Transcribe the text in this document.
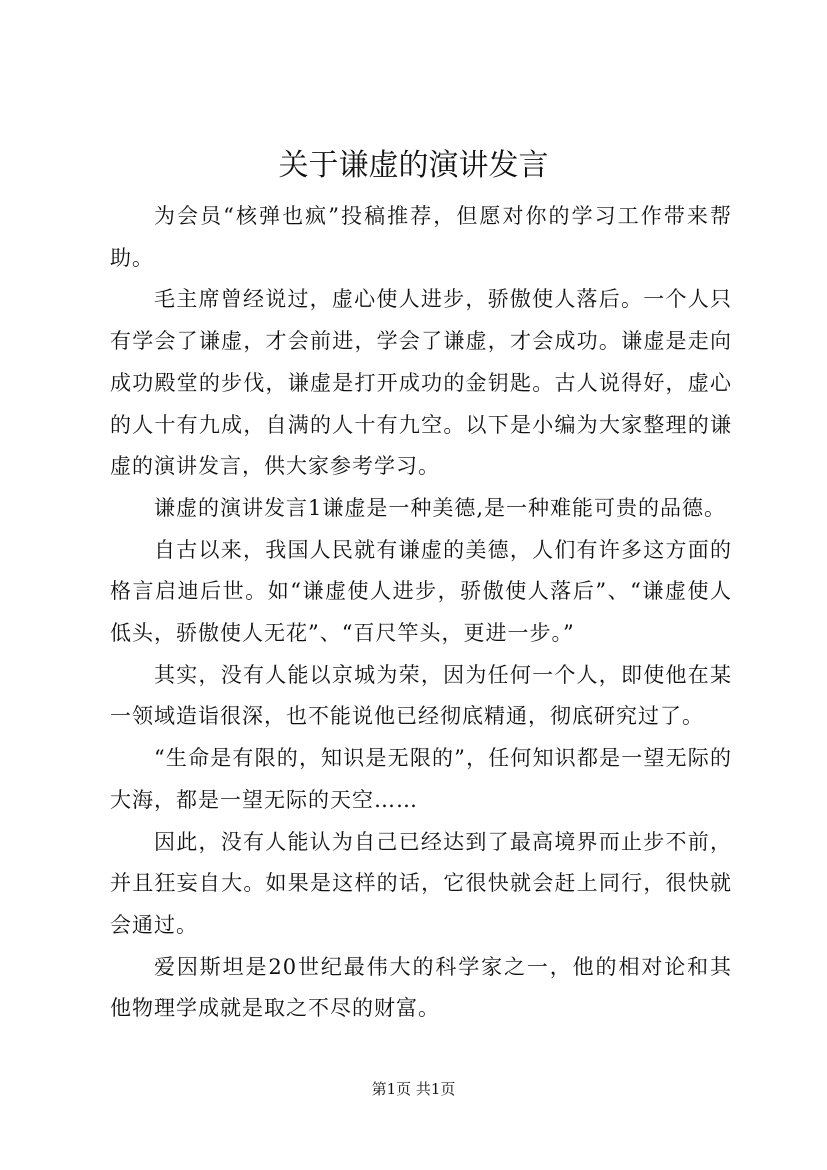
关于谦虚的演讲发言

为会员“核弹也疯”投稿推荐，但愿对你的学习工作带来帮助。

毛主席曾经说过，虚心使人进步，骄傲使人落后。一个人只有学会了谦虚，才会前进，学会了谦虚，才会成功。谦虚是走向成功殿堂的步伐，谦虚是打开成功的金钥匙。古人说得好，虚心的人十有九成，自满的人十有九空。以下是小编为大家整理的谦虚的演讲发言，供大家参考学习。

谦虚的演讲发言1谦虚是一种美德,是一种难能可贵的品德。

自古以来，我国人民就有谦虚的美德，人们有许多这方面的格言启迪后世。如“谦虚使人进步，骄傲使人落后”、“谦虚使人低头，骄傲使人无花”、“百尺竿头，更进一步。”

其实，没有人能以京城为荣，因为任何一个人，即使他在某一领域造诣很深，也不能说他已经彻底精通，彻底研究过了。

“生命是有限的，知识是无限的”，任何知识都是一望无际的大海，都是一望无际的天空……

因此，没有人能认为自己已经达到了最高境界而止步不前，并且狂妄自大。如果是这样的话，它很快就会赶上同行，很快就会通过。

爱因斯坦是20世纪最伟大的科学家之一，他的相对论和其他物理学成就是取之不尽的财富。

第1页 共1页
